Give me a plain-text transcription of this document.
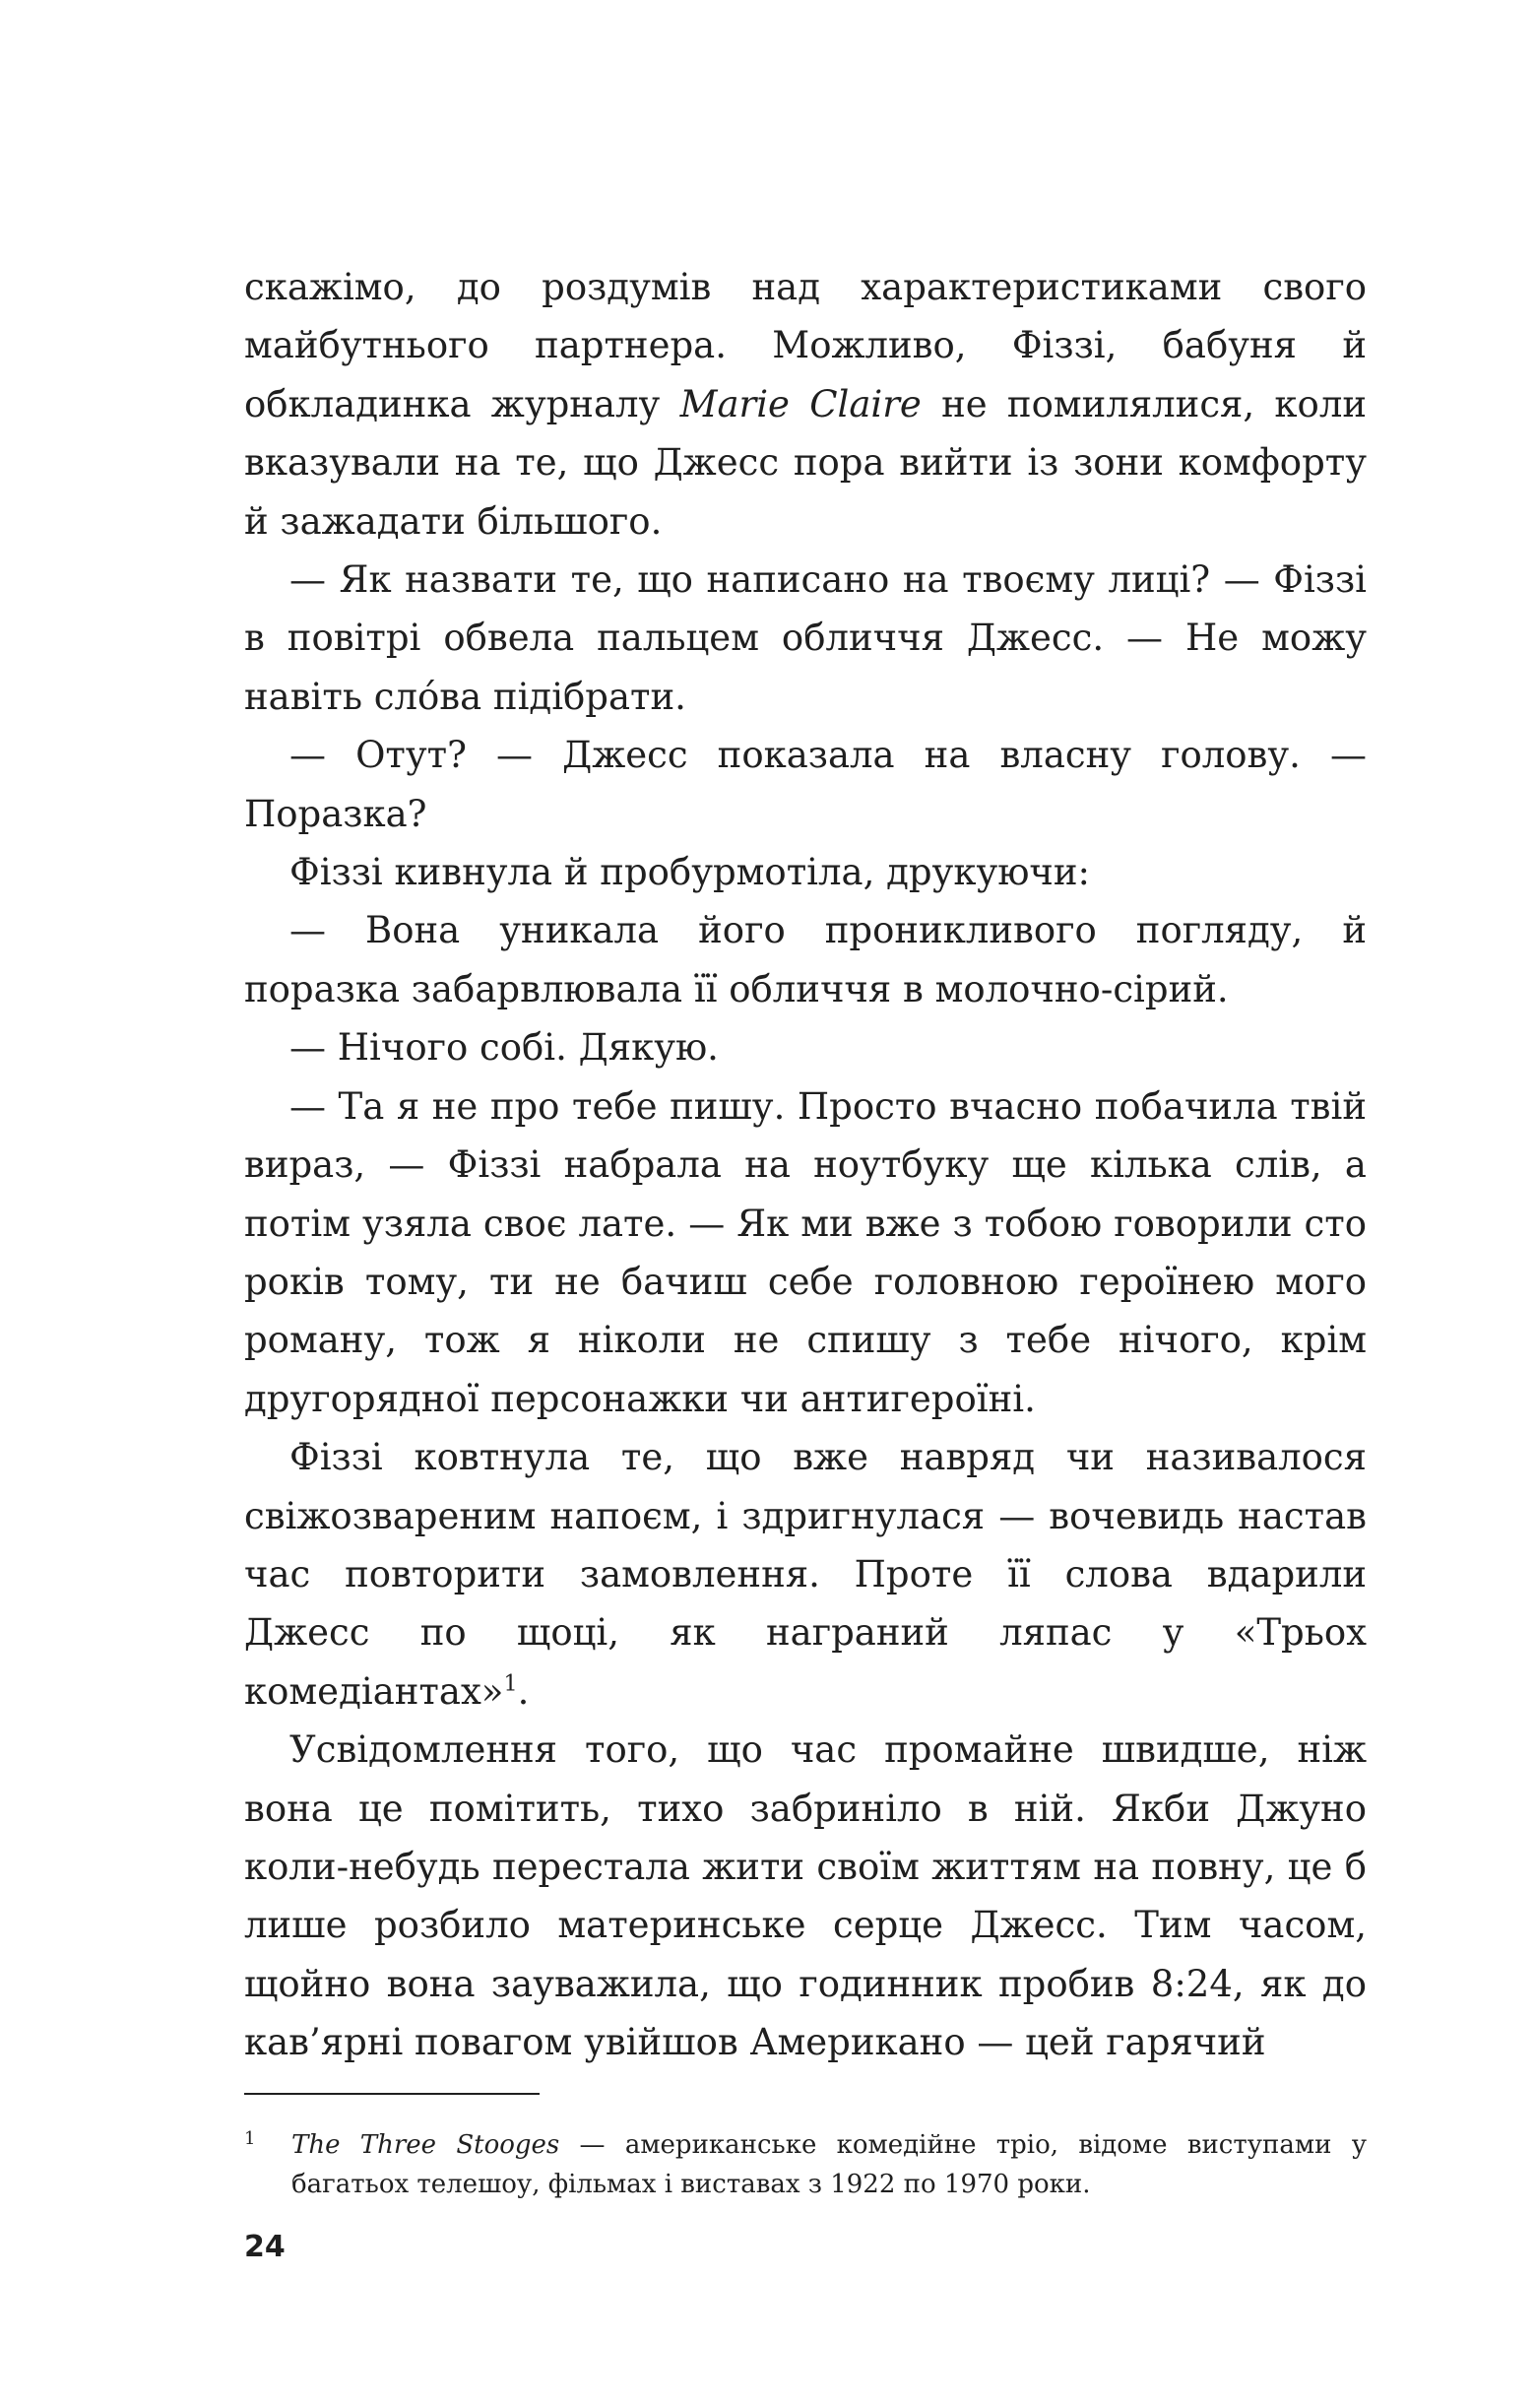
скажімо, до роздумів над характеристиками свого майбутнього партнера. Можливо, Фіззі, бабуня й обкладинка журналу Marie Claire не помилялися, коли вказували на те, що Джесс пора вийти із зони комфорту й зажадати більшого.

— Як назвати те, що написано на твоєму лиці? — Фіззі в повітрі обвела пальцем обличчя Джесс. — Не можу навіть сло́ва підібрати.

— Отут? — Джесс показала на власну голову. — Поразка?

Фіззі кивнула й пробурмотіла, друкуючи:

— Вона уникала його проникливого погляду, й поразка забарвлювала її обличчя в молочно-сірий.

— Нічого собі. Дякую.

— Та я не про тебе пишу. Просто вчасно побачила твій вираз, — Фіззі набрала на ноутбуку ще кілька слів, а потім узяла своє лате. — Як ми вже з тобою говорили сто років тому, ти не бачиш себе головною героїнею мого роману, тож я ніколи не спишу з тебе нічого, крім другорядної персонажки чи антигероїні.

Фіззі ковтнула те, що вже навряд чи називалося свіжозвареним напоєм, і здригнулася — вочевидь настав час повторити замовлення. Проте її слова вдарили Джесс по щоці, як награний ляпас у «Трьох комедіантах»$^1$.

Усвідомлення того, що час промайне швидше, ніж вона це помітить, тихо забриніло в ній. Якби Джуно коли-небудь перестала жити своїм життям на повну, це б лише розбило материнське серце Джесс. Тим часом, щойно вона зауважила, що годинник пробив 8:24, як до кав’ярні повагом увійшов Американо — цей гарячий

1 The Three Stooges — американське комедійне тріо, відоме виступами у багатьох телешоу, фільмах і виставах з 1922 по 1970 роки.
24
